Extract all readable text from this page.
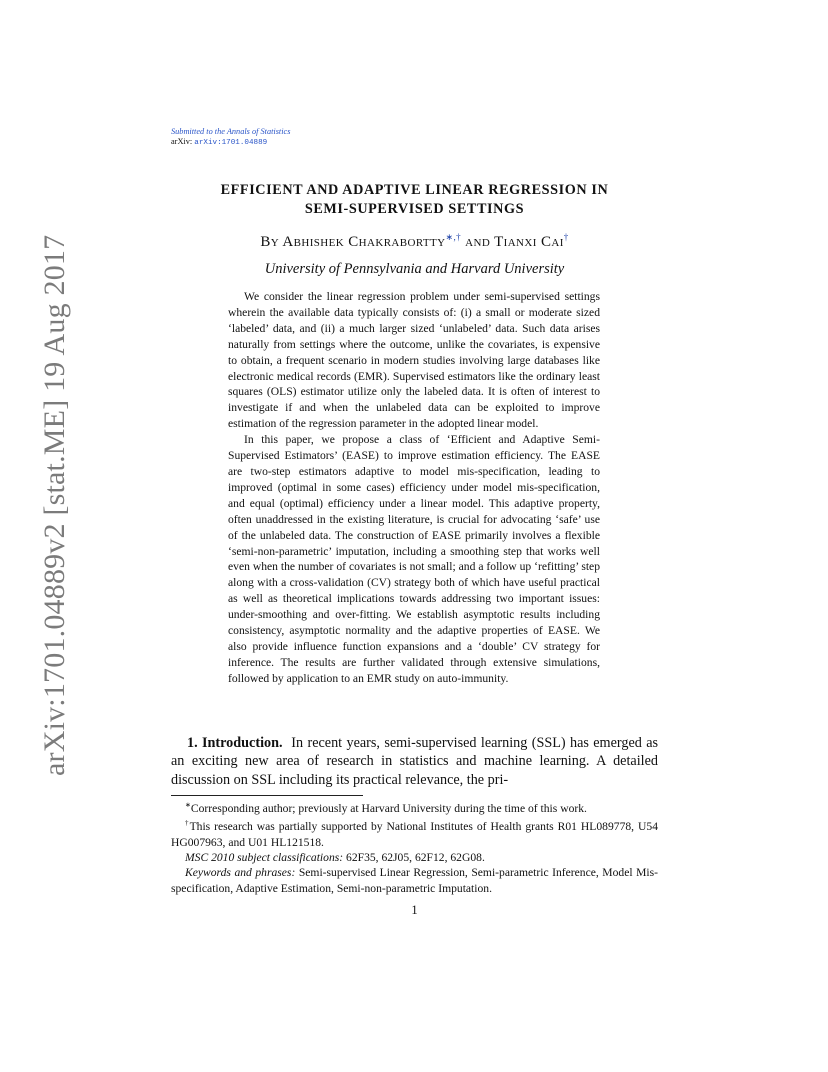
arXiv:1701.04889v2 [stat.ME] 19 Aug 2017
Submitted to the Annals of Statistics
arXiv: arXiv:1701.04889
EFFICIENT AND ADAPTIVE LINEAR REGRESSION IN
SEMI-SUPERVISED SETTINGS
By Abhishek Chakrabortty∗,† and Tianxi Cai†
University of Pennsylvania and Harvard University

We consider the linear regression problem under semi-supervised settings wherein the available data typically consists of: (i) a small or moderate sized ‘labeled’ data, and (ii) a much larger sized ‘unlabeled’ data. Such data arises naturally from settings where the outcome, unlike the covariates, is expensive to obtain, a frequent scenario in modern studies involving large databases like electronic medical records (EMR). Supervised estimators like the ordinary least squares (OLS) estimator utilize only the labeled data. It is often of interest to investigate if and when the unlabeled data can be exploited to improve estimation of the regression parameter in the adopted linear model.

In this paper, we propose a class of ‘Efficient and Adaptive Semi-Supervised Estimators’ (EASE) to improve estimation efficiency. The EASE are two-step estimators adaptive to model mis-specification, leading to improved (optimal in some cases) efficiency under model mis-specification, and equal (optimal) efficiency under a linear model. This adaptive property, often unaddressed in the existing literature, is crucial for advocating ‘safe’ use of the unlabeled data. The construction of EASE primarily involves a flexible ‘semi-non-parametric’ imputation, including a smoothing step that works well even when the number of covariates is not small; and a follow up ‘refitting’ step along with a cross-validation (CV) strategy both of which have useful practical as well as theoretical implications towards addressing two important issues: under-smoothing and over-fitting. We establish asymptotic results including consistency, asymptotic normality and the adaptive properties of EASE. We also provide influence function expansions and a ‘double’ CV strategy for inference. The results are further validated through extensive simulations, followed by application to an EMR study on auto-immunity.

1. Introduction. In recent years, semi-supervised learning (SSL) has emerged as an exciting new area of research in statistics and machine learning. A detailed discussion on SSL including its practical relevance, the pri-

∗Corresponding author; previously at Harvard University during the time of this work.

†This research was partially supported by National Institutes of Health grants R01 HL089778, U54 HG007963, and U01 HL121518.

MSC 2010 subject classifications: 62F35, 62J05, 62F12, 62G08.

Keywords and phrases: Semi-supervised Linear Regression, Semi-parametric Inference, Model Mis-specification, Adaptive Estimation, Semi-non-parametric Imputation.

1
